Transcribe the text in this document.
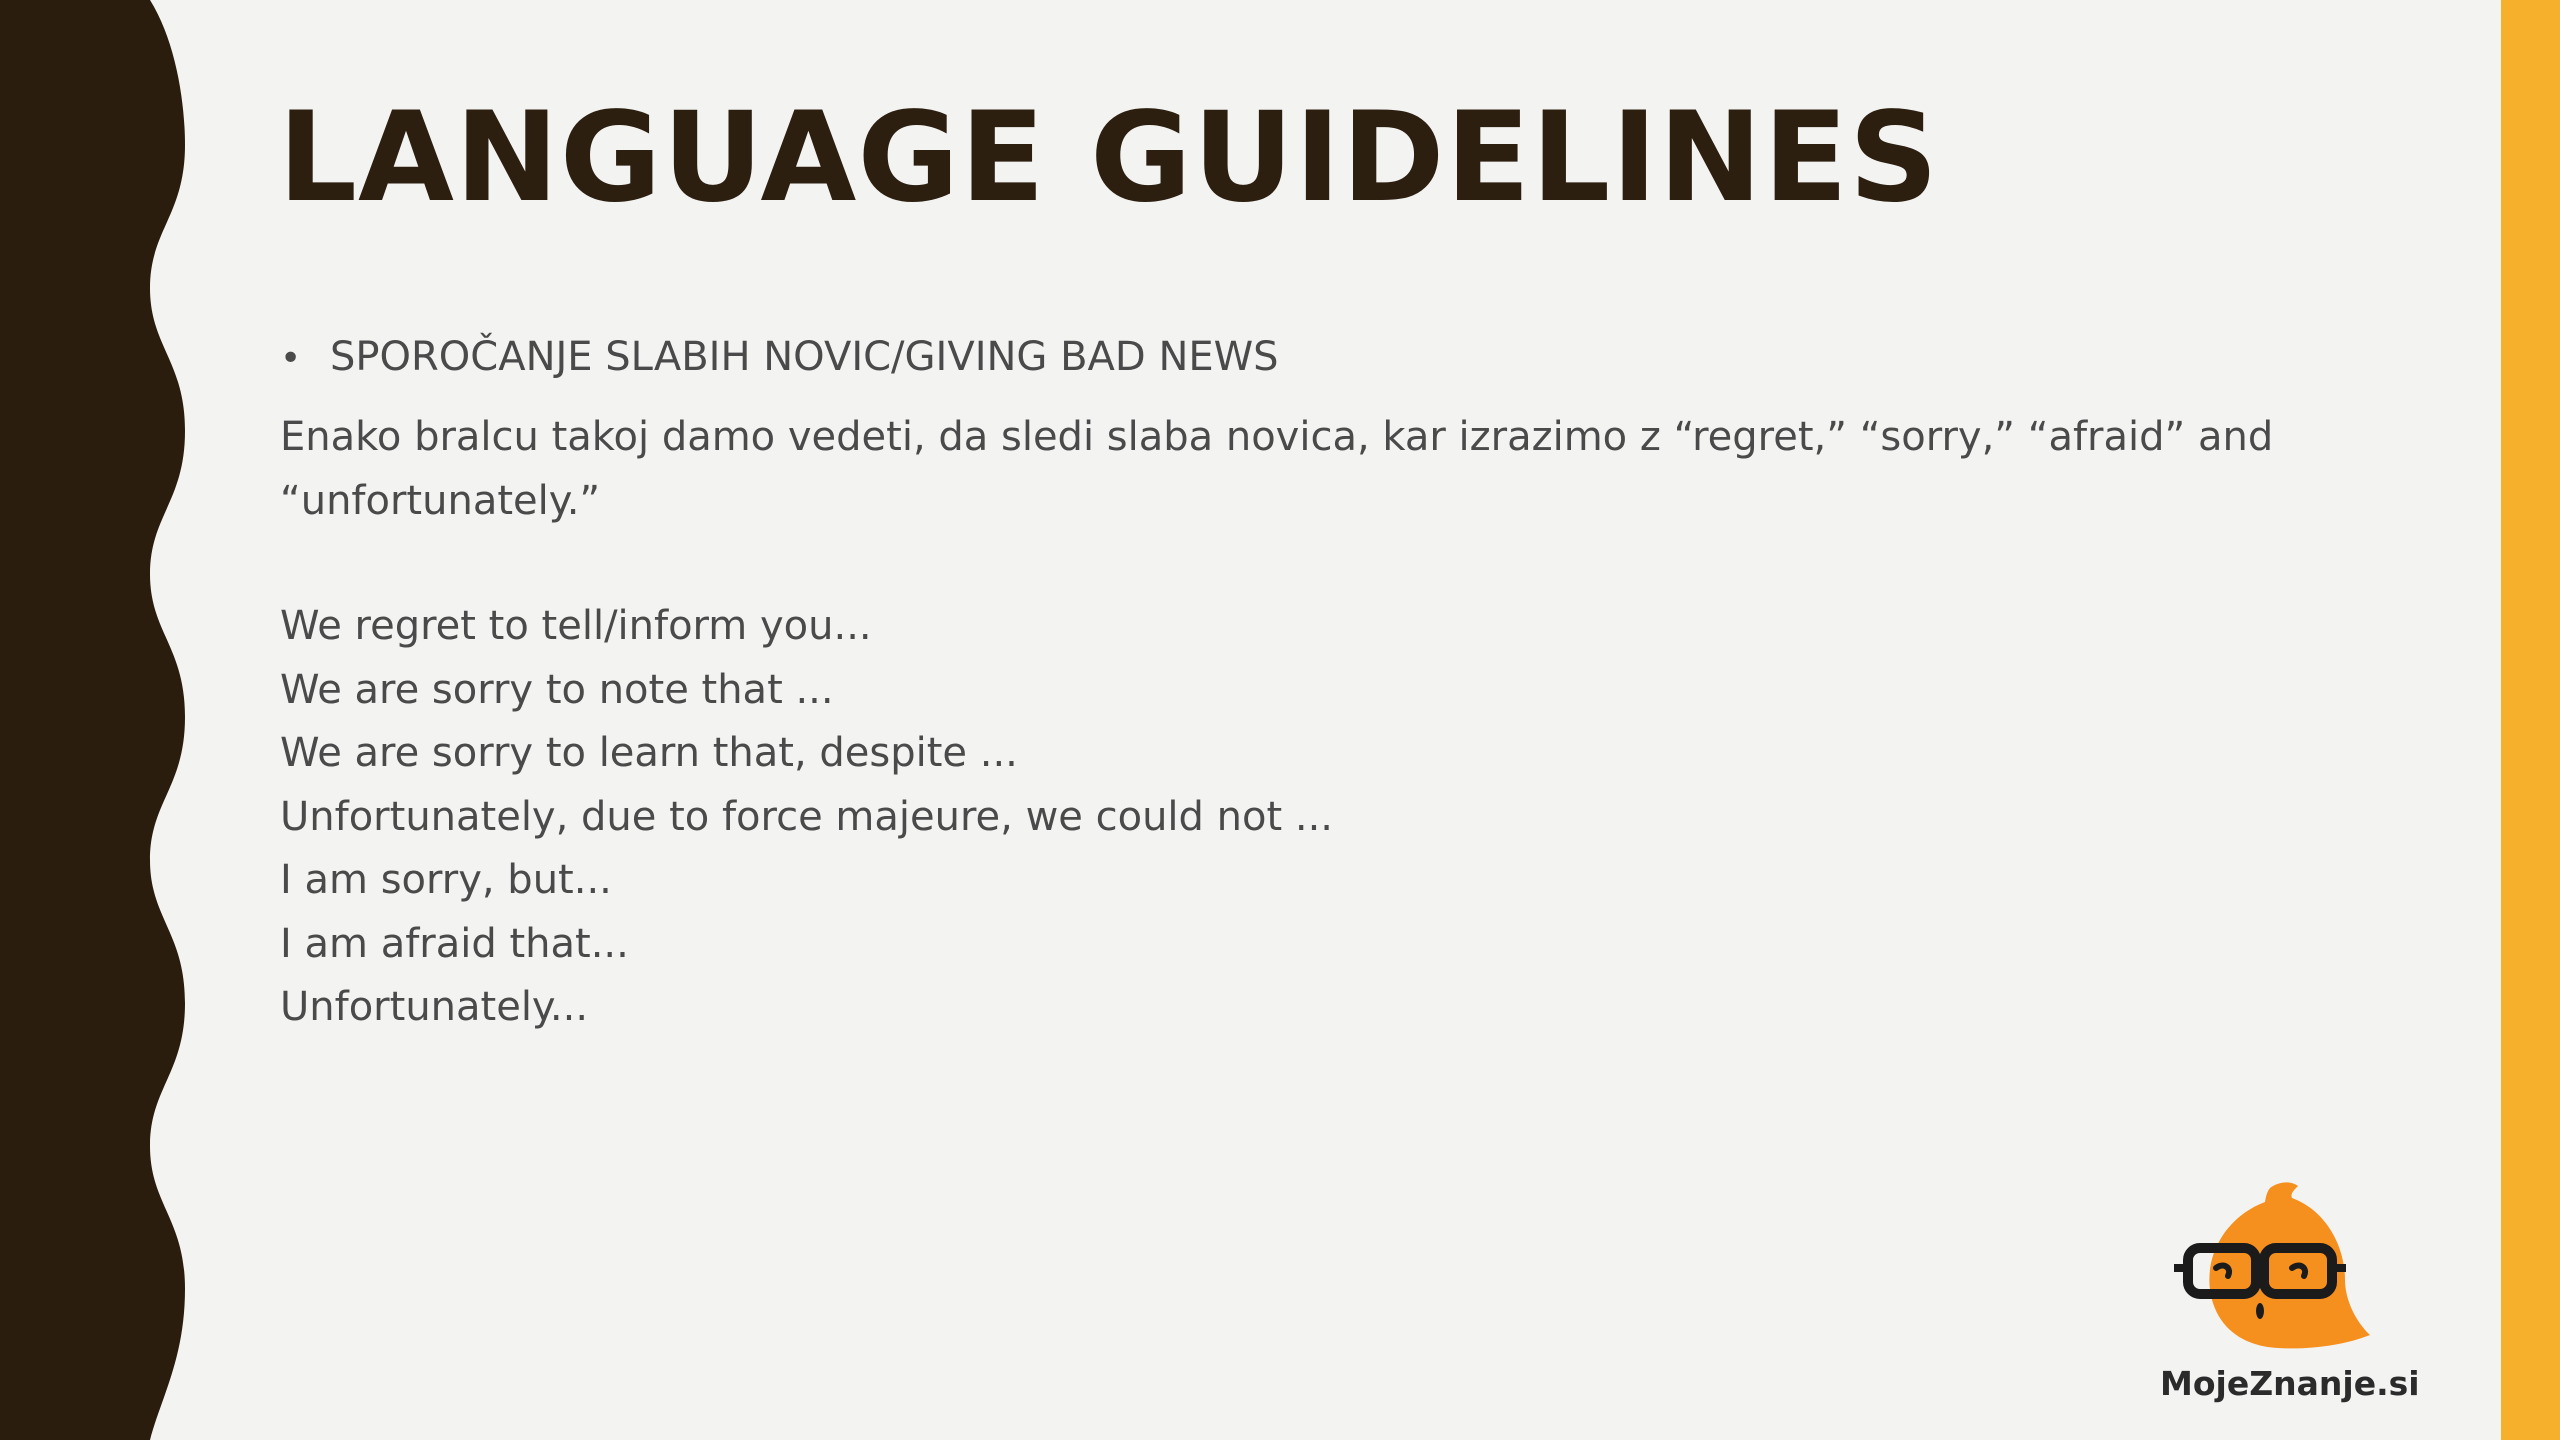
LANGUAGE GUIDELINES
• SPOROČANJE SLABIH NOVIC/GIVING BAD NEWS

Enako bralcu takoj damo vedeti, da sledi slaba novica, kar izrazimo z “regret,” “sorry,” “afraid” and “unfortunately.”

We regret to tell/inform you...
We are sorry to note that ...
We are sorry to learn that, despite ...
Unfortunately, due to force majeure, we could not ...
I am sorry, but...
I am afraid that...
Unfortunately...
MojeZnanje.si
